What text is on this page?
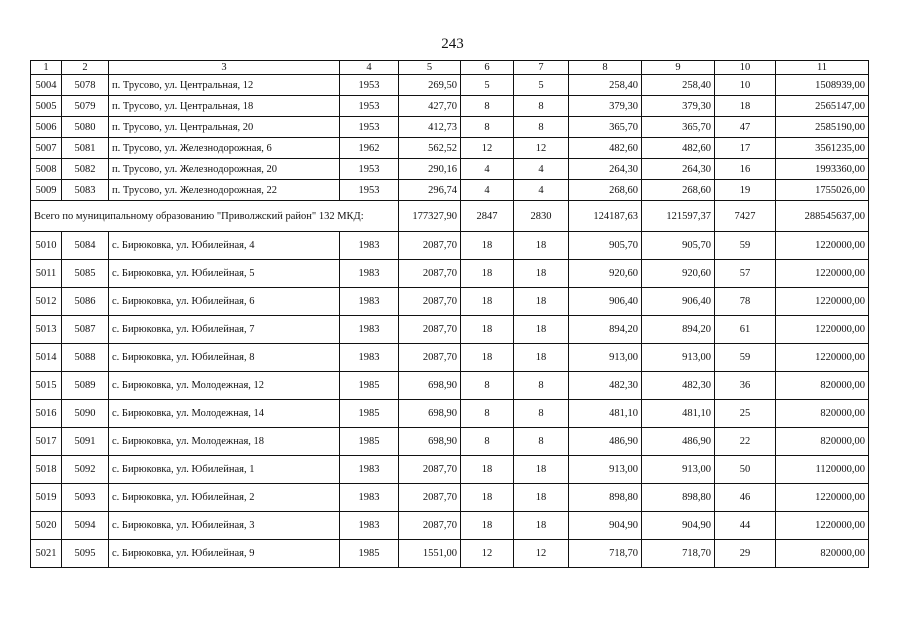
243
1	2	3	4	5	6	7	8	9	10	11
5004	5078	п. Трусово, ул. Центральная, 12	1953	269,50	5	5	258,40	258,40	10	1508939,00
5005	5079	п. Трусово, ул. Центральная, 18	1953	427,70	8	8	379,30	379,30	18	2565147,00
5006	5080	п. Трусово, ул. Центральная, 20	1953	412,73	8	8	365,70	365,70	47	2585190,00
5007	5081	п. Трусово, ул. Железнодорожная, 6	1962	562,52	12	12	482,60	482,60	17	3561235,00
5008	5082	п. Трусово, ул. Железнодорожная, 20	1953	290,16	4	4	264,30	264,30	16	1993360,00
5009	5083	п. Трусово, ул. Железнодорожная, 22	1953	296,74	4	4	268,60	268,60	19	1755026,00
Всего по муниципальному образованию "Приволжский район" 132 МКД:				177327,90	2847	2830	124187,63	121597,37	7427	288545637,00
5010	5084	с. Бирюковка, ул. Юбилейная, 4	1983	2087,70	18	18	905,70	905,70	59	1220000,00
5011	5085	с. Бирюковка, ул. Юбилейная, 5	1983	2087,70	18	18	920,60	920,60	57	1220000,00
5012	5086	с. Бирюковка, ул. Юбилейная, 6	1983	2087,70	18	18	906,40	906,40	78	1220000,00
5013	5087	с. Бирюковка, ул. Юбилейная, 7	1983	2087,70	18	18	894,20	894,20	61	1220000,00
5014	5088	с. Бирюковка, ул. Юбилейная, 8	1983	2087,70	18	18	913,00	913,00	59	1220000,00
5015	5089	с. Бирюковка, ул. Молодежная, 12	1985	698,90	8	8	482,30	482,30	36	820000,00
5016	5090	с. Бирюковка, ул. Молодежная, 14	1985	698,90	8	8	481,10	481,10	25	820000,00
5017	5091	с. Бирюковка, ул. Молодежная, 18	1985	698,90	8	8	486,90	486,90	22	820000,00
5018	5092	с. Бирюковка, ул. Юбилейная, 1	1983	2087,70	18	18	913,00	913,00	50	1120000,00
5019	5093	с. Бирюковка, ул. Юбилейная, 2	1983	2087,70	18	18	898,80	898,80	46	1220000,00
5020	5094	с. Бирюковка, ул. Юбилейная, 3	1983	2087,70	18	18	904,90	904,90	44	1220000,00
5021	5095	с. Бирюковка, ул. Юбилейная, 9	1985	1551,00	12	12	718,70	718,70	29	820000,00
